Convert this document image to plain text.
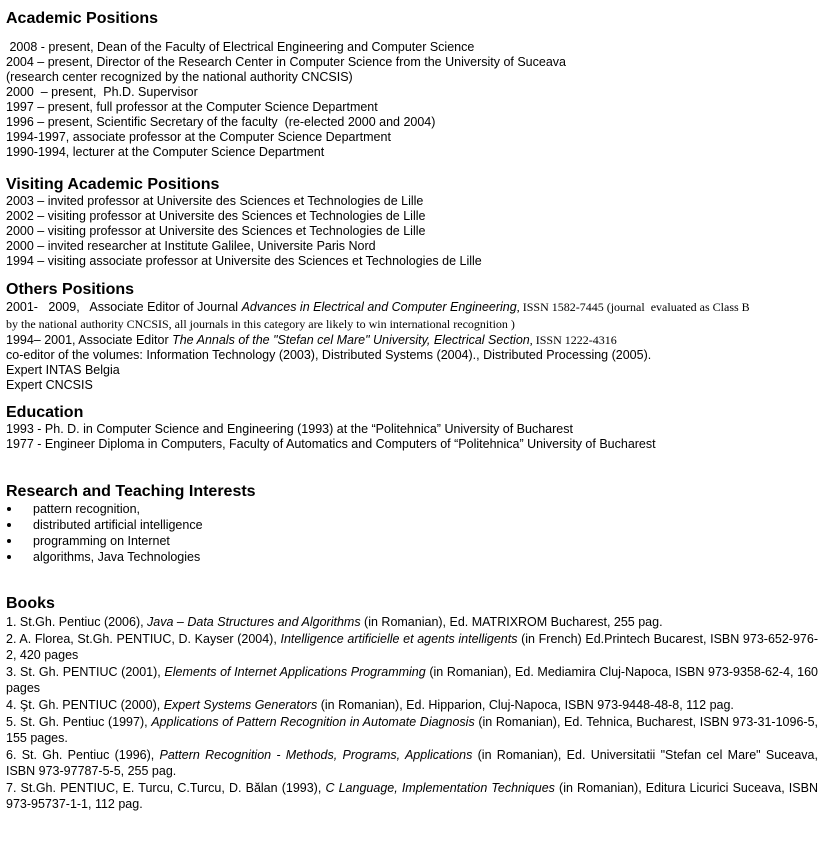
Academic Positions
2008 - present, Dean of the Faculty of Electrical Engineering and Computer Science
2004 – present, Director of the Research Center in Computer Science from the University of Suceava
(research center recognized by the national authority CNCSIS)
2000  – present,  Ph.D. Supervisor
1997 – present, full professor at the Computer Science Department
1996 – present, Scientific Secretary of the faculty  (re-elected 2000 and 2004)
1994-1997, associate professor at the Computer Science Department
1990-1994, lecturer at the Computer Science Department
Visiting Academic Positions
2003 – invited professor at Universite des Sciences et Technologies de Lille
2002 – visiting professor at Universite des Sciences et Technologies de Lille
2000 – visiting professor at Universite des Sciences et Technologies de Lille
2000 – invited researcher at Institute Galilee, Universite Paris Nord
1994 – visiting associate professor at Universite des Sciences et Technologies de Lille
Others Positions
2001-   2009,   Associate Editor of Journal Advances in Electrical and Computer Engineering, ISSN 1582-7445 (journal  evaluated as Class B
by the national authority CNCSIS, all journals in this category are likely to win international recognition )
1994– 2001, Associate Editor The Annals of the "Stefan cel Mare" University, Electrical Section, ISSN 1222-4316
co-editor of the volumes: Information Technology (2003), Distributed Systems (2004)., Distributed Processing (2005).
Expert INTAS Belgia
Expert CNCSIS
Education
1993 - Ph. D. in Computer Science and Engineering (1993) at the “Politehnica” University of Bucharest
1977 - Engineer Diploma in Computers, Faculty of Automatics and Computers of “Politehnica” University of Bucharest
Research and Teaching Interests
pattern recognition,
distributed artificial intelligence
programming on Internet
algorithms, Java Technologies
Books
1. St.Gh. Pentiuc (2006), Java – Data Structures and Algorithms (in Romanian), Ed. MATRIXROM Bucharest, 255 pag.
2. A. Florea, St.Gh. PENTIUC, D. Kayser (2004), Intelligence artificielle et agents intelligents (in French) Ed.Printech Bucarest, ISBN 973-652-976-2, 420 pages
3. St. Gh. PENTIUC (2001), Elements of Internet Applications Programming (in Romanian), Ed. Mediamira Cluj-Napoca, ISBN 973-9358-62-4, 160 pages
4. Şt. Gh. PENTIUC (2000), Expert Systems Generators (in Romanian), Ed. Hipparion, Cluj-Napoca, ISBN 973-9448-48-8, 112 pag.
5. St. Gh. Pentiuc (1997), Applications of Pattern Recognition in Automate Diagnosis (in Romanian), Ed. Tehnica, Bucharest, ISBN 973-31-1096-5, 155 pages.
6. St. Gh. Pentiuc (1996), Pattern Recognition - Methods, Programs, Applications (in Romanian), Ed. Universitatii "Stefan cel Mare" Suceava, ISBN 973-97787-5-5, 255 pag.
7. St.Gh. PENTIUC, E. Turcu, C.Turcu, D. Bălan (1993), C Language, Implementation Techniques (in Romanian), Editura Licurici Suceava, ISBN 973-95737-1-1, 112 pag.
